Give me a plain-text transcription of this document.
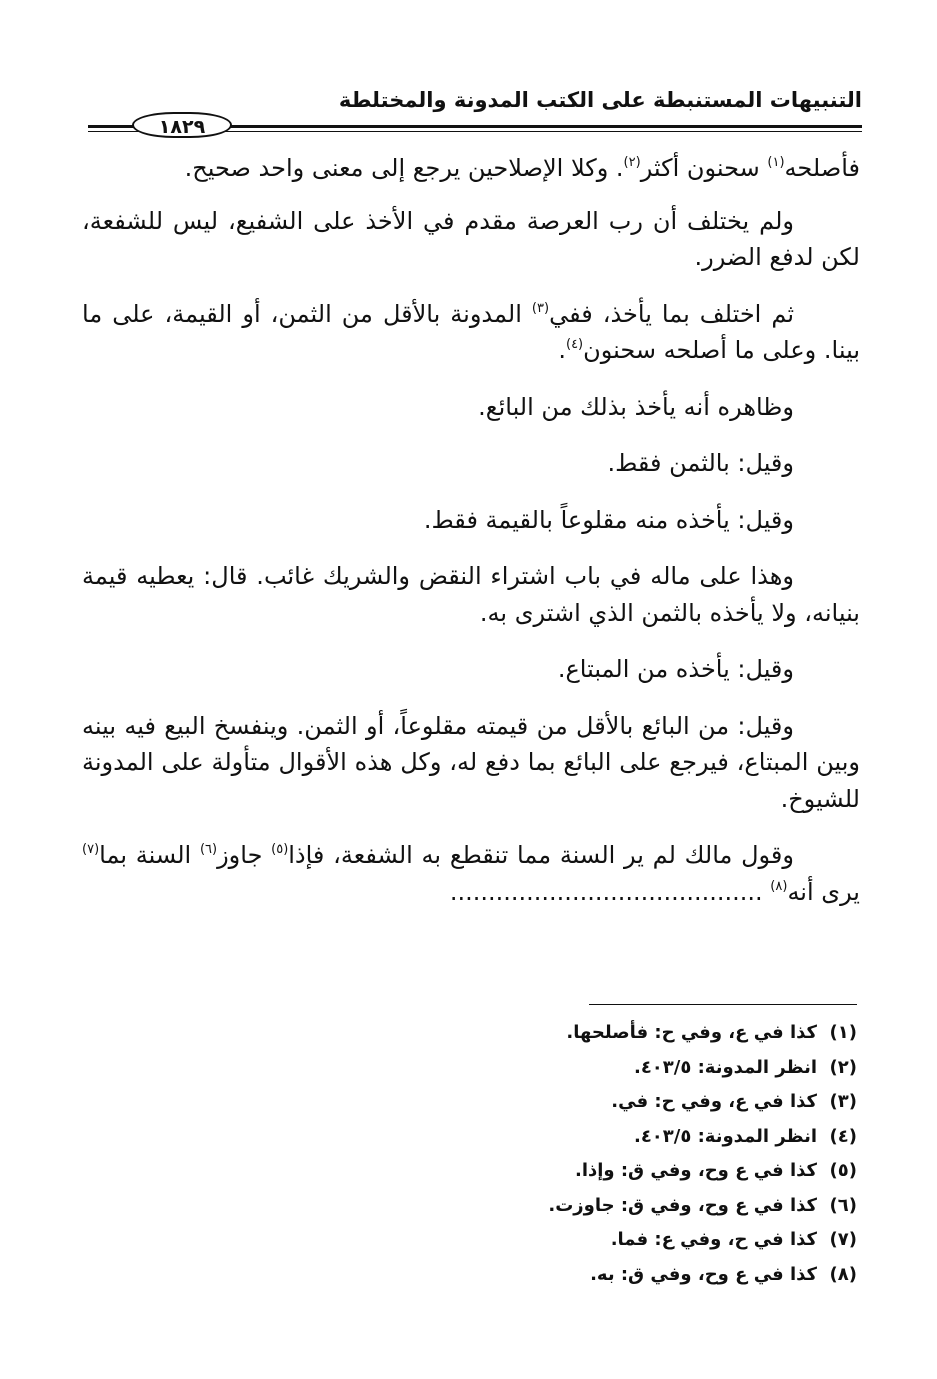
التنبيهات المستنبطة على الكتب المدونة والمختلطة
١٨٢٩

فأصلحه$^{(١)}$ سحنون أكثر$^{(٢)}$. وكلا الإصلاحين يرجع إلى معنى واحد صحيح.

ولم يختلف أن رب العرصة مقدم في الأخذ على الشفيع، ليس للشفعة، لكن لدفع الضرر.

ثم اختلف بما يأخذ، ففي$^{(٣)}$ المدونة بالأقل من الثمن، أو القيمة، على ما بينا. وعلى ما أصلحه سحنون$^{(٤)}$.

وظاهره أنه يأخذ بذلك من البائع.

وقيل: بالثمن فقط.

وقيل: يأخذه منه مقلوعاً بالقيمة فقط.

وهذا على ماله في باب اشتراء النقض والشريك غائب. قال: يعطيه قيمة بنيانه، ولا يأخذه بالثمن الذي اشترى به.

وقيل: يأخذه من المبتاع.

وقيل: من البائع بالأقل من قيمته مقلوعاً، أو الثمن. وينفسخ البيع فيه بينه وبين المبتاع، فيرجع على البائع بما دفع له، وكل هذه الأقوال متأولة على المدونة للشيوخ.

وقول مالك لم ير السنة مما تنقطع به الشفعة، فإذا$^{(٥)}$ جاوز$^{(٦)}$ السنة بما$^{(٧)}$ يرى أنه$^{(٨)}$ .........................................

(١)
كذا في ع، وفي ح: فأصلحها.
(٢)
انظر المدونة: ٤٠٣/٥.
(٣)
كذا في ع، وفي ح: في.
(٤)
انظر المدونة: ٤٠٣/٥.
(٥)
كذا في ع وح، وفي ق: وإذا.
(٦)
كذا في ع وح، وفي ق: جاوزت.
(٧)
كذا في ح، وفي ع: فما.
(٨)
كذا في ع وح، وفي ق: به.
